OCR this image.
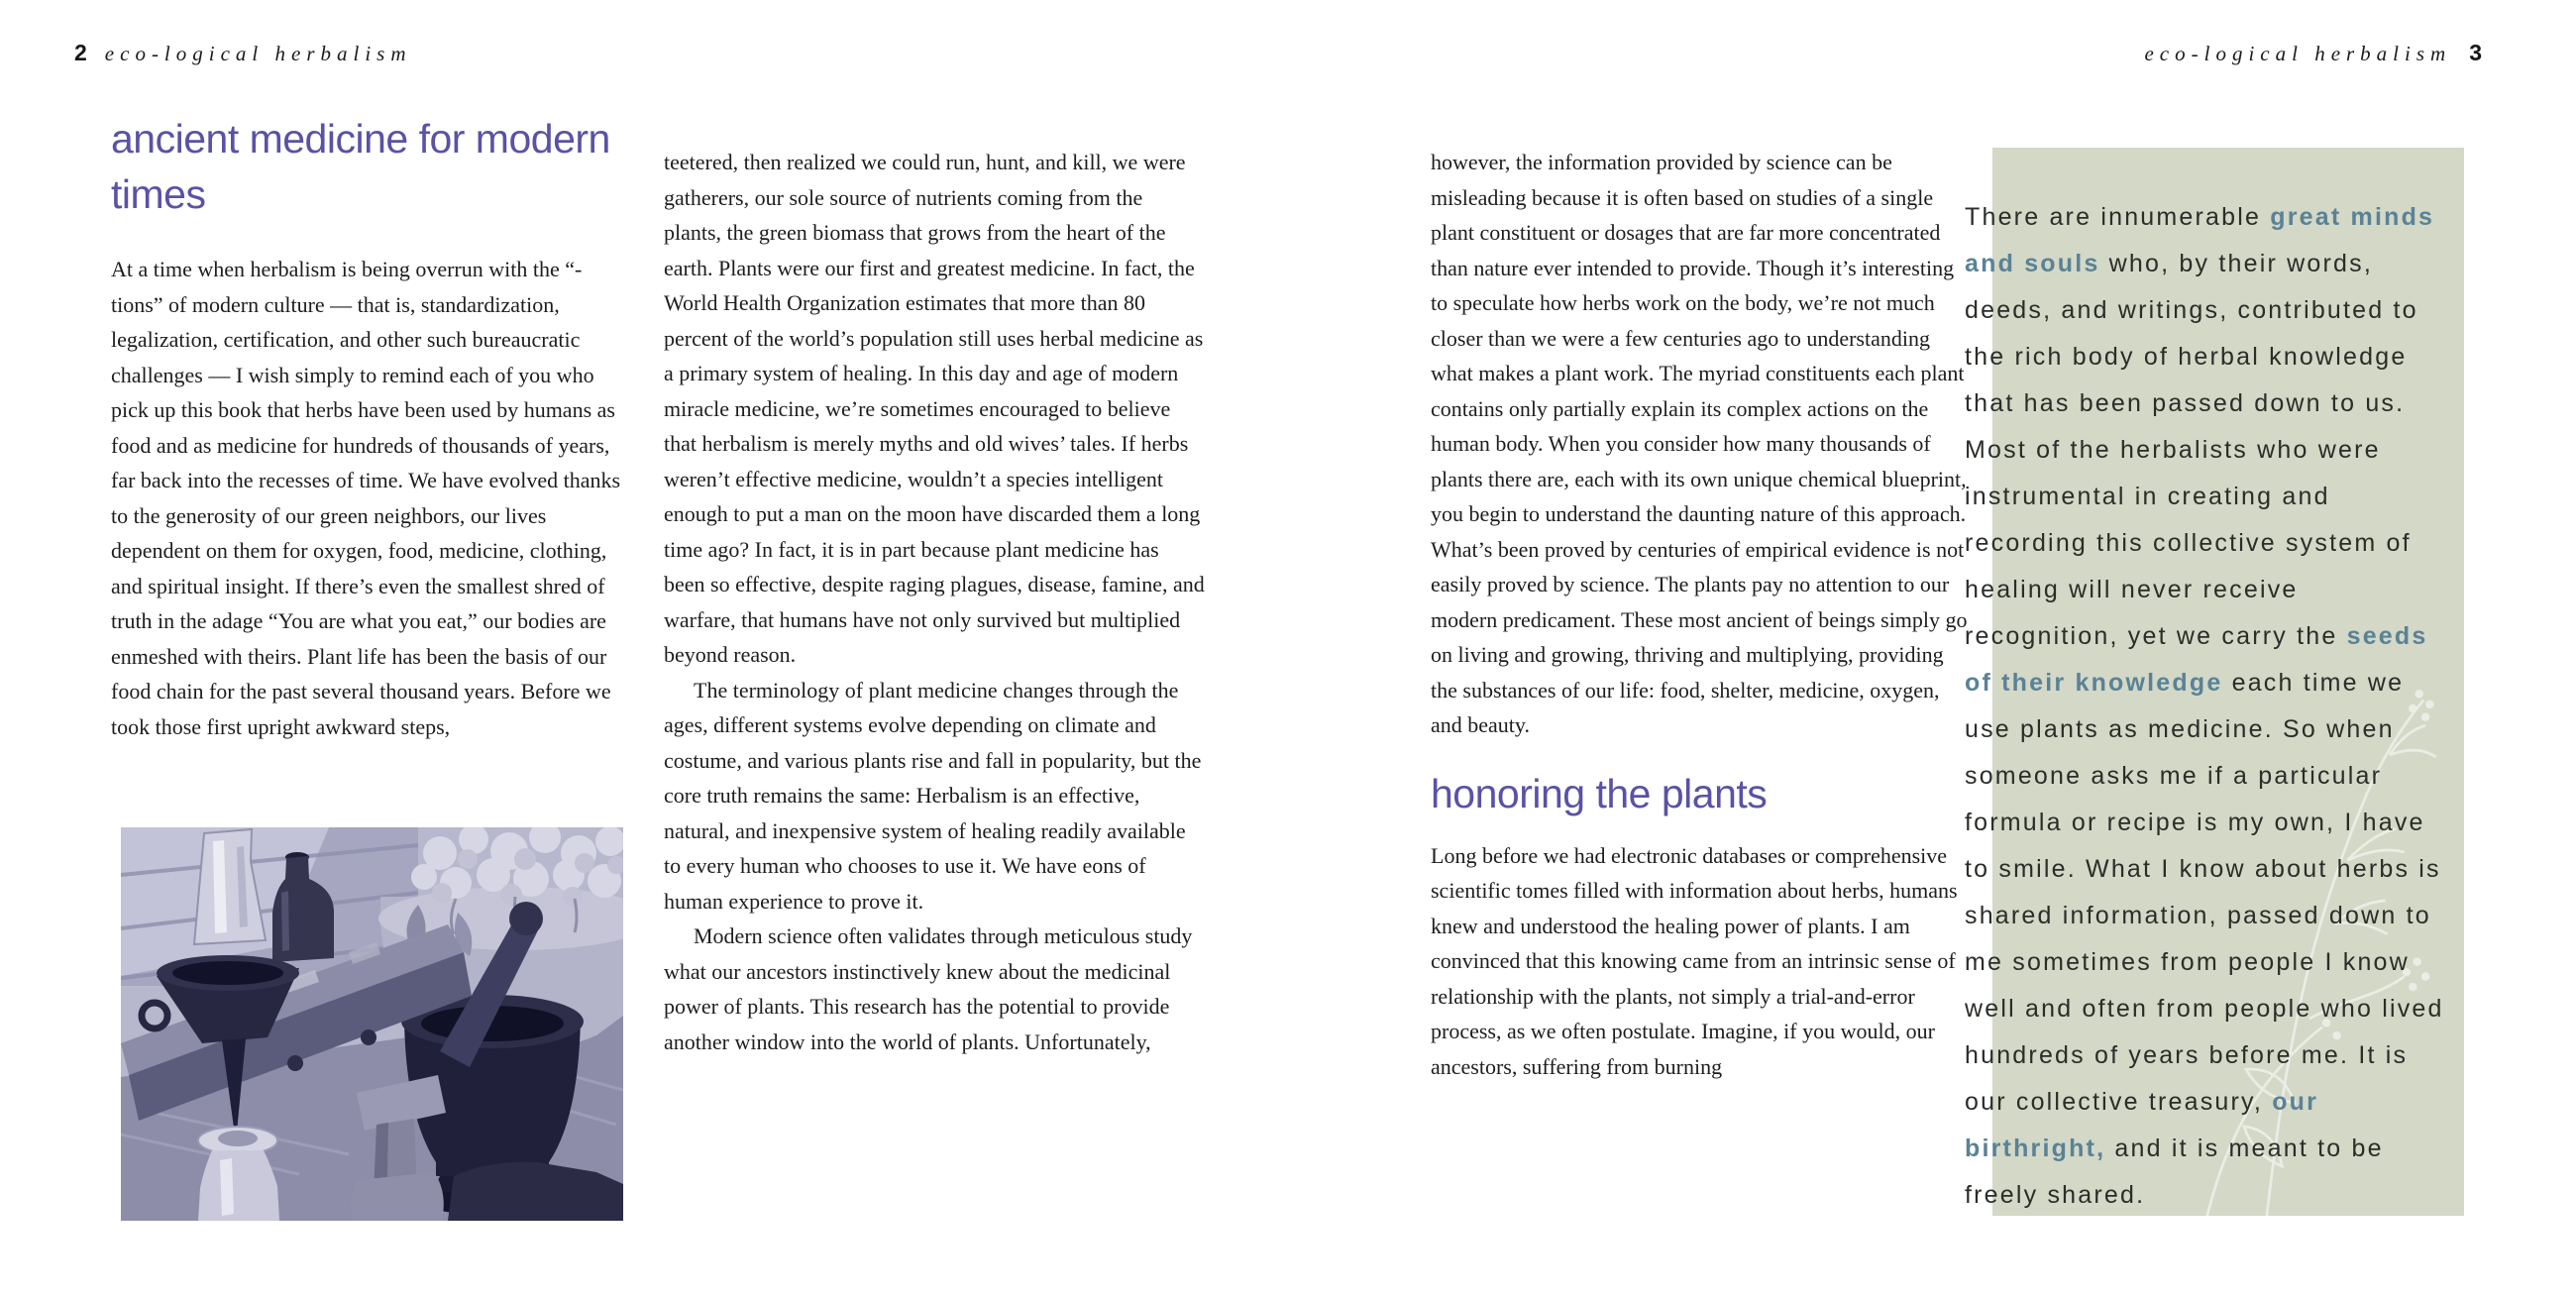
2 eco-logical herbalism	eco-logical herbalism 3
ancient medicine for modern times

At a time when herbalism is being overrun with the “-tions” of modern culture — that is, standardization, legalization, certification, and other such bureaucratic challenges — I wish simply to remind each of you who pick up this book that herbs have been used by humans as food and as medicine for hundreds of thousands of years, far back into the recesses of time. We have evolved thanks to the generosity of our green neighbors, our lives dependent on them for oxygen, food, medicine, clothing, and spiritual insight. If there’s even the smallest shred of truth in the adage “You are what you eat,” our bodies are enmeshed with theirs. Plant life has been the basis of our food chain for the past several thousand years. Before we took those first upright awkward steps,

teetered, then realized we could run, hunt, and kill, we were gatherers, our sole source of nutrients coming from the plants, the green biomass that grows from the heart of the earth. Plants were our first and greatest medicine. In fact, the World Health Organization estimates that more than 80 percent of the world’s population still uses herbal medicine as a primary system of healing. In this day and age of modern miracle medicine, we’re sometimes encouraged to believe that herbalism is merely myths and old wives’ tales. If herbs weren’t effective medicine, wouldn’t a species intelligent enough to put a man on the moon have discarded them a long time ago? In fact, it is in part because plant medicine has been so effective, despite raging plagues, disease, famine, and warfare, that humans have not only survived but multiplied beyond reason.

The terminology of plant medicine changes through the ages, different systems evolve depending on climate and costume, and various plants rise and fall in popularity, but the core truth remains the same: Herbalism is an effective, natural, and inexpensive system of healing readily available to every human who chooses to use it. We have eons of human experience to prove it.

Modern science often validates through meticulous study what our ancestors instinctively knew about the medicinal power of plants. This research has the potential to provide another window into the world of plants. Unfortunately,

however, the information provided by science can be misleading because it is often based on studies of a single plant constituent or dosages that are far more concentrated than nature ever intended to provide. Though it’s interesting to speculate how herbs work on the body, we’re not much closer than we were a few centuries ago to understanding what makes a plant work. The myriad constituents each plant contains only partially explain its complex actions on the human body. When you consider how many thousands of plants there are, each with its own unique chemical blueprint, you begin to understand the daunting nature of this approach. What’s been proved by centuries of empirical evidence is not easily proved by science. The plants pay no attention to our modern predicament. These most ancient of beings simply go on living and growing, thriving and multiplying, providing the substances of our life: food, shelter, medicine, oxygen, and beauty.

honoring the plants

Long before we had electronic databases or comprehensive scientific tomes filled with information about herbs, humans knew and understood the healing power of plants. I am convinced that this knowing came from an intrinsic sense of relationship with the plants, not simply a trial-and-error process, as we often postulate. Imagine, if you would, our ancestors, suffering from burning

There are innumerable great minds and souls who, by their words, deeds, and writings, contributed to the rich body of herbal knowledge that has been passed down to us. Most of the herbalists who were instrumental in creating and recording this collective system of healing will never receive recognition, yet we carry the seeds of their knowledge each time we use plants as medicine. So when someone asks me if a particular formula or recipe is my own, I have to smile. What I know about herbs is shared information, passed down to me sometimes from people I know well and often from people who lived hundreds of years before me. It is our collective treasury, our birthright, and it is meant to be freely shared.
